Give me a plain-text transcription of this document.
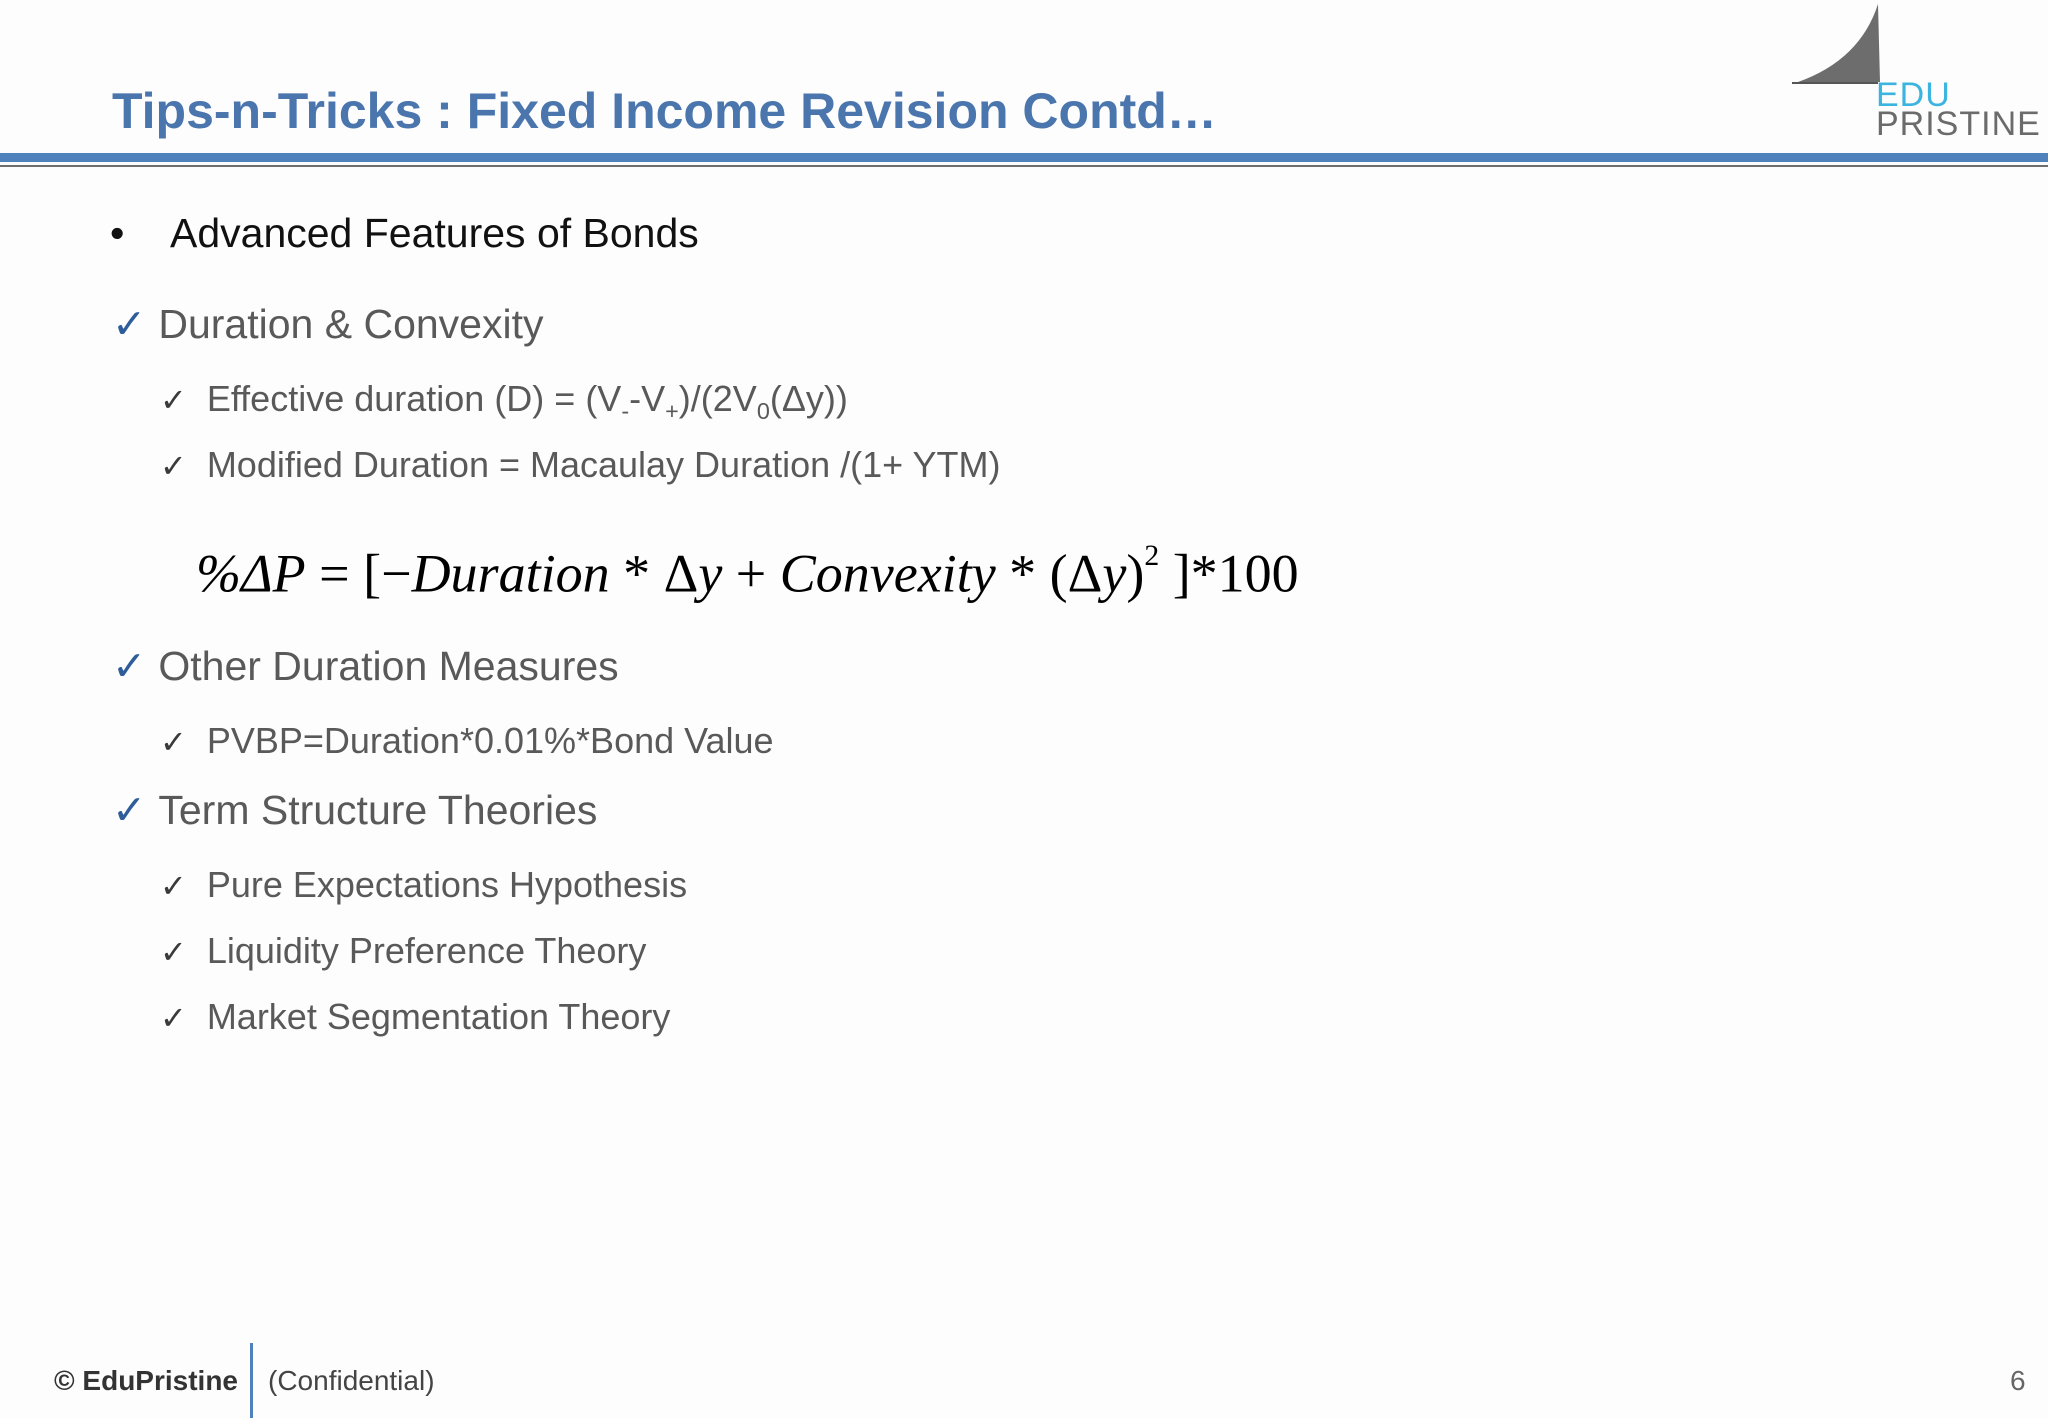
Tips-n-Tricks : Fixed Income Revision Contd…	EDU
PRISTINE
• Advanced Features of Bonds
✓ Duration & Convexity
✓ Effective duration $(D) = (V_--V_+)/(2V_0(\Delta y))$
✓ Modified Duration = Macaulay Duration /(1+ YTM)
%ΔP = [−Duration * Δy + Convexity * $(\Delta y)^2$ ]*100
✓ Other Duration Measures
✓ PVBP=Duration*0.01%*Bond Value
✓ Term Structure Theories
✓ Pure Expectations Hypothesis
✓ Liquidity Preference Theory
✓ Market Segmentation Theory
© EduPristine (Confidential)	6
